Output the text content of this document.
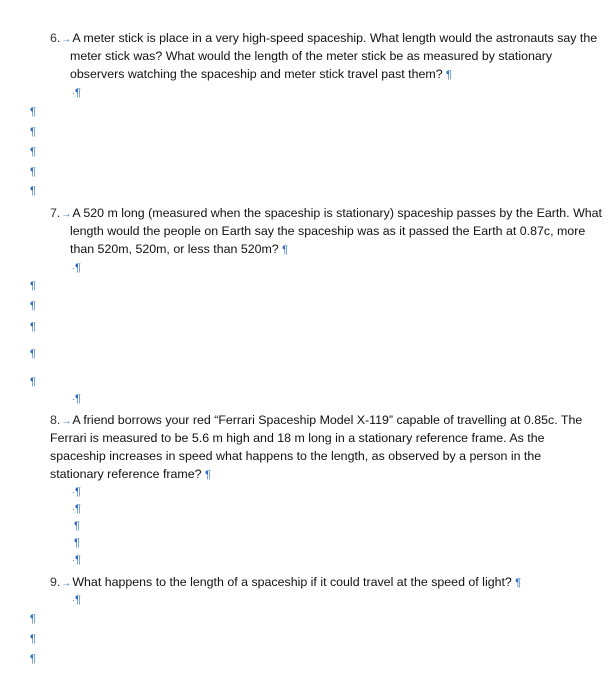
6.→A meter stick is place in a very high-speed spaceship. What length would the astronauts say the
meter stick was? What would the length of the meter stick be as measured by stationary
observers watching the spaceship and meter stick travel past them? ¶
·¶
¶
¶
¶
¶
¶
7.→A 520 m long (measured when the spaceship is stationary) spaceship passes by the Earth. What
length would the people on Earth say the spaceship was as it passed the Earth at 0.87c, more
than 520m, 520m, or less than 520m? ¶
·¶
¶
¶
¶
¶
¶
·¶
8.→A friend borrows your red “Ferrari Spaceship Model X-119” capable of travelling at 0.85c. The
Ferrari is measured to be 5.6 m high and 18 m long in a stationary reference frame. As the
spaceship increases in speed what happens to the length, as observed by a person in the
stationary reference frame? ¶
·¶
·¶
¶
¶
·¶
9.→What happens to the length of a spaceship if it could travel at the speed of light? ¶
·¶
¶
¶
¶
